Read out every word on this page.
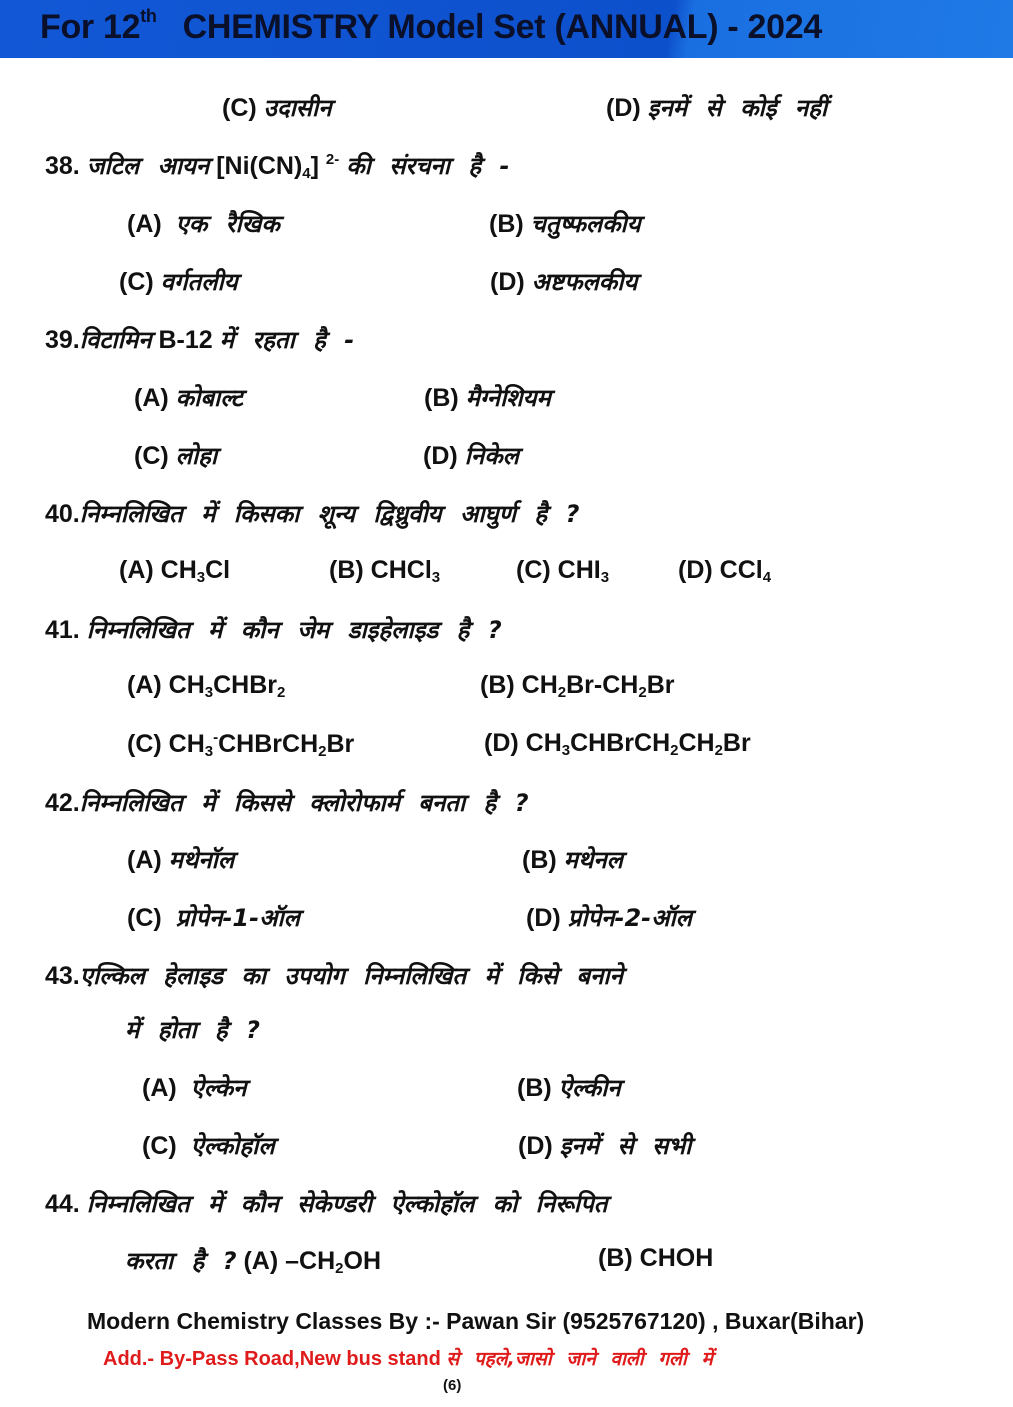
For 12th CHEMISTRY Model Set (ANNUAL) - 2024
(C) उदासीन	(D) इनमें से कोई नहीं
38. जटिल आयन $[Ni(CN)_4]$ $^{2-}$ की संरचना है -
(A) एक रैखिक	(B) चतुष्फलकीय
(C) वर्गतलीय	(D) अष्टफलकीय
39.विटामिन B-12 में रहता है -
(A) कोबाल्ट	(B) मैग्नेशियम
(C) लोहा	(D) निकेल
40.निम्नलिखित में किसका शून्य द्विध्रुवीय आघुर्ण है ?
(A) $CH_3Cl$	(B) CHCl$_3$	(C) $CHI_3$	(D) CCl$_4$
41. निम्नलिखित में कौन जेम डाइहेलाइड है ?
(A) $CH_3CHBr_2$	(B) $CH_2Br-CH_2Br$
(C) $CH_3^-CHBrCH_2Br$	(D) $CH_3CHBrCH_2CH_2Br$
42.निम्नलिखित में किससे क्लोरोफार्म बनता है ?
(A) मथेनॉल	(B) मथेनल
(C) प्रोपेन-1-ऑल	(D) प्रोपेन-2-ऑल
43.एल्किल हेलाइड का उपयोग निम्नलिखित में किसे बनाने
में होता है ?
(A) ऐल्केन	(B) ऐल्कीन
(C) ऐल्कोहॉल	(D) इनमें से सभी
44. निम्नलिखित में कौन सेकेण्डरी ऐल्कोहॉल को निरूपित
करता है ? (A) $-CH_2OH$	(B) CHOH
Modern Chemistry Classes By :- Pawan Sir (9525767120) , Buxar(Bihar)
Add.- By-Pass Road,New bus stand से पहले,जासो जाने वाली गली में
(6)
